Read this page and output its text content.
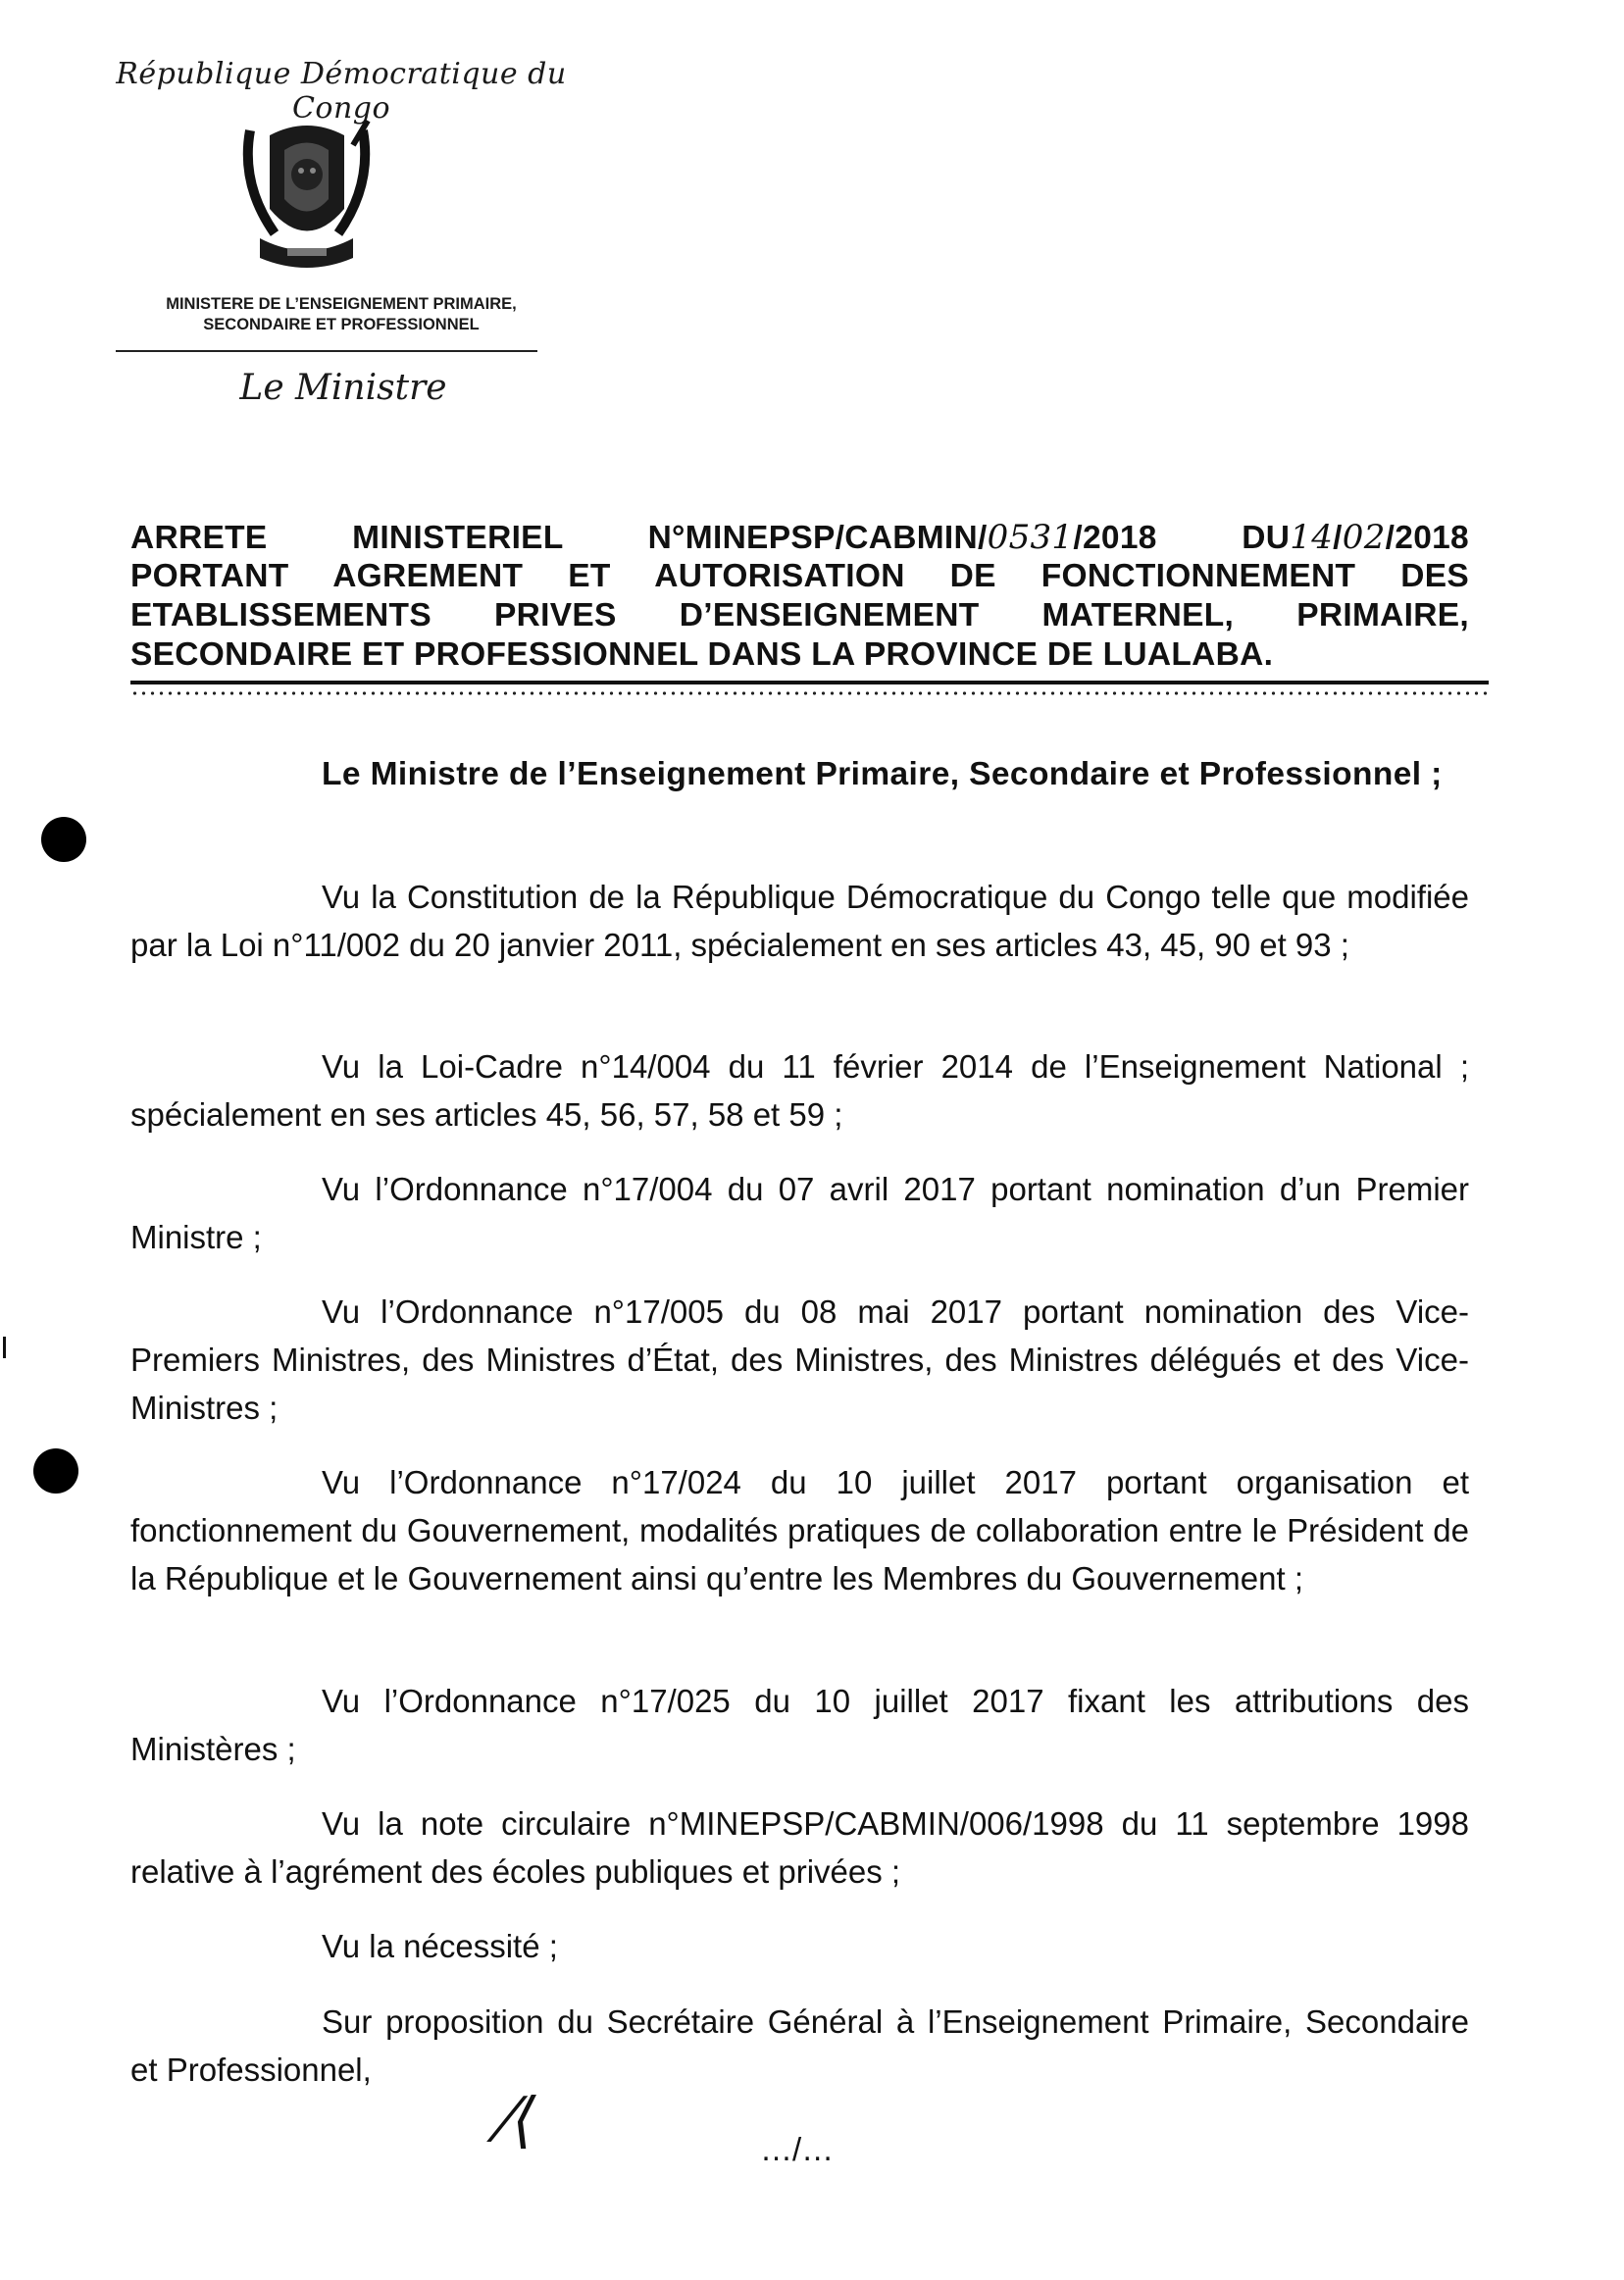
République Démocratique du Congo
MINISTERE DE L’ENSEIGNEMENT PRIMAIRE,
SECONDAIRE ET PROFESSIONNEL
Le Ministre
ARRETE	MINISTERIEL	N°MINEPSP/CABMIN/0531/2018	DU14/02/2018
PORTANT AGREMENT ET AUTORISATION DE FONCTIONNEMENT DES
ETABLISSEMENTS PRIVES D’ENSEIGNEMENT MATERNEL, PRIMAIRE,
SECONDAIRE ET PROFESSIONNEL DANS LA PROVINCE DE LUALABA.
Le Ministre de l’Enseignement Primaire, Secondaire et Professionnel ;
Vu la Constitution de la République Démocratique du Congo telle que modifiée par la Loi n°11/002 du 20 janvier 2011, spécialement en ses articles 43, 45, 90 et 93 ;
Vu la Loi-Cadre n°14/004 du 11 février 2014 de l’Enseignement National ; spécialement en ses articles 45, 56, 57, 58 et 59 ;
Vu l’Ordonnance n°17/004 du 07 avril 2017 portant nomination d’un Premier Ministre ;
Vu l’Ordonnance n°17/005 du 08 mai 2017 portant nomination des Vice-Premiers Ministres, des Ministres d’État, des Ministres, des Ministres délégués et des Vice-Ministres ;
Vu l’Ordonnance n°17/024 du 10 juillet 2017 portant organisation et fonctionnement du Gouvernement, modalités pratiques de collaboration entre le Président de la République et le Gouvernement ainsi qu’entre les Membres du Gouvernement ;
Vu l’Ordonnance n°17/025 du 10 juillet 2017 fixant les attributions des Ministères ;
Vu la note circulaire n°MINEPSP/CABMIN/006/1998 du 11 septembre 1998 relative à l’agrément des écoles publiques et privées ;
Vu la nécessité ;
Sur proposition du Secrétaire Général à l’Enseignement Primaire, Secondaire et Professionnel,
⁄⟨	…/…
